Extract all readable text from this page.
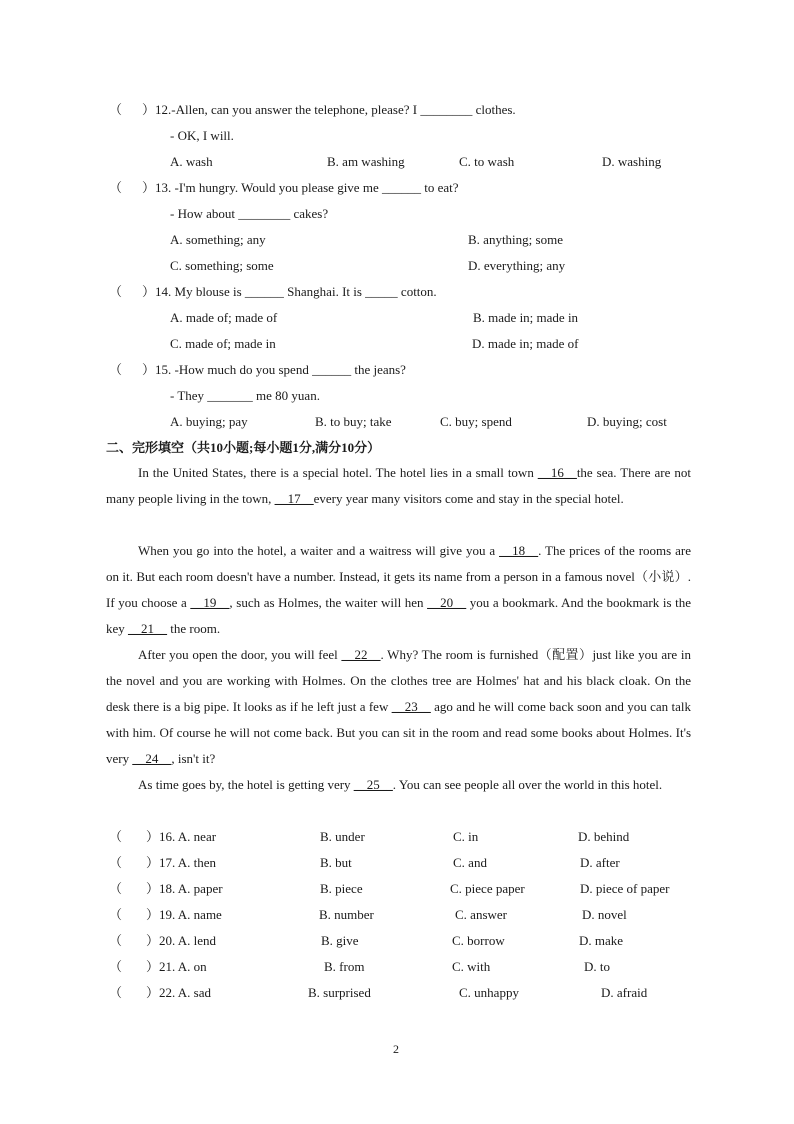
（ ）12.-Allen, can you answer the telephone, please? I ________ clothes.
- OK, I will.
A. wash	B. am washing	C. to wash	D. washing
（ ）13. -I'm hungry. Would you please give me ______ to eat?
- How about ________ cakes?
A. something; any	B. anything; some
C. something; some	D. everything; any
（ ）14. My blouse is ______ Shanghai. It is _____ cotton.
A. made of; made of	B. made in; made in
C. made of; made in	D. made in; made of
（ ）15. -How much do you spend ______ the jeans?
- They _______ me 80 yuan.
A. buying; pay	B. to buy; take	C. buy; spend	D. buying; cost
二、完形填空（共10小题;每小题1分,满分10分）
In the United States, there is a special hotel. The hotel lies in a small town __16__the sea. There are not many people living in the town, __17__every year many visitors come and stay in the special hotel.
When you go into the hotel, a waiter and a waitress will give you a __18__. The prices of the rooms are on it. But each room doesn't have a number. Instead, it gets its name from a person in a famous novel（小说）. If you choose a __19__, such as Holmes, the waiter will hen __20__ you a bookmark. And the bookmark is the key __21__ the room.
After you open the door, you will feel __22__. Why? The room is furnished（配置）just like you are in the novel and you are working with Holmes. On the clothes tree are Holmes' hat and his black cloak. On the desk there is a big pipe. It looks as if he left just a few __23__ ago and he will come back soon and you can talk with him. Of course he will not come back. But you can sit in the room and read some books about Holmes. It's very __24__, isn't it?
As time goes by, the hotel is getting very __25__. You can see people all over the world in this hotel.
（ ）16. A. near	B. under	C. in	D. behind
（ ）17. A. then	B. but	C. and	D. after
（ ）18. A. paper	B. piece	C. piece paper	D. piece of paper
（ ）19. A. name	B. number	C. answer	D. novel
（ ）20. A. lend	B. give	C. borrow	D. make
（ ）21. A. on	B. from	C. with	D. to
（ ）22. A. sad	B. surprised	C. unhappy	D. afraid
2
